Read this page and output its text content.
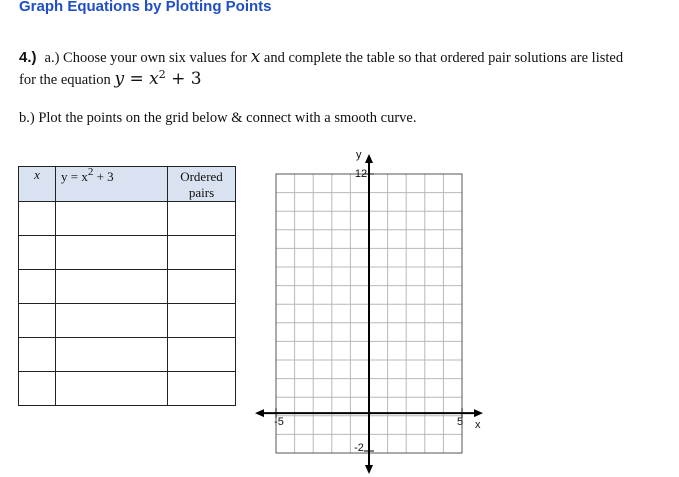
Graph Equations by Plotting Points
4.) a.) Choose your own six values for x and complete the table so that ordered pair solutions are listed
for the equation $y = x^2 + 3$
b.) Plot the points on the grid below & connect with a smooth curve.
x	$y = x^2 + 3$	Ordered
pairs

y
x
-5	5
12
-2
